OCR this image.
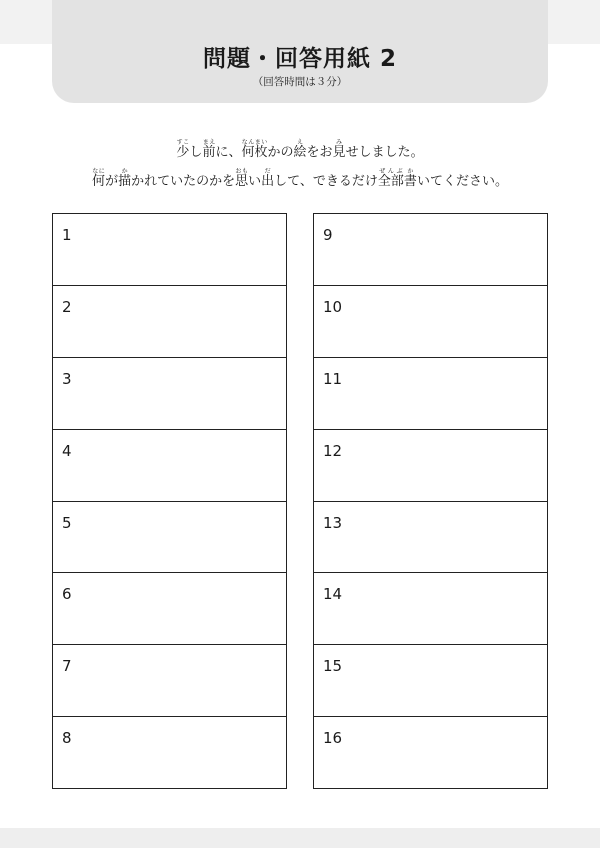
問題・回答用紙 2

（回答時間は３分）

少すこし前まえに、何枚なんまいかの絵えをお見みせしました。

何なにが描かかれていたのかを思おもい出だして、できるだけ全部ぜんぶ書かいてください。

1
2
3
4
5
6
7
8
9
10
11
12
13
14
15
16
